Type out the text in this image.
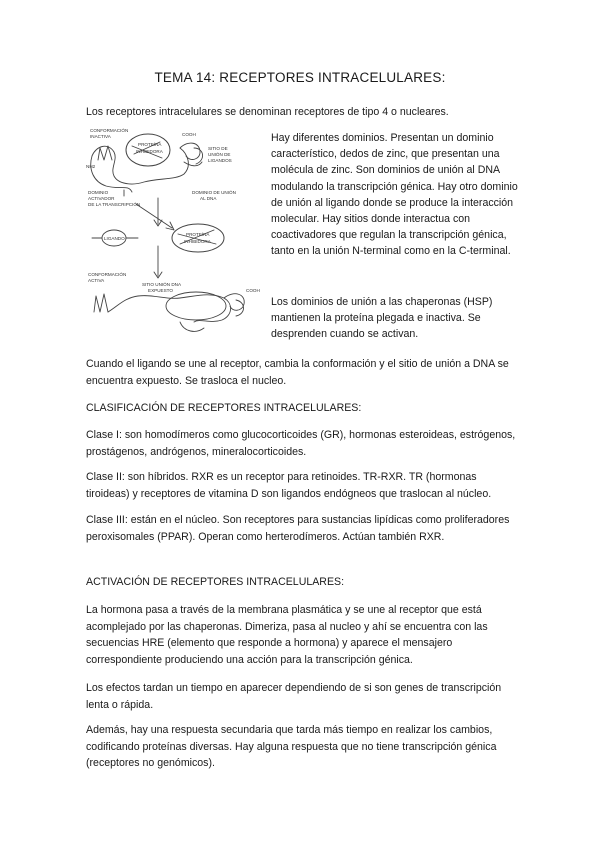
TEMA 14: RECEPTORES INTRACELULARES:
Los receptores intracelulares se denominan receptores de tipo 4 o nucleares.
CONFORMACIÓN
INACTIVA
PROTEÍNA
INHIBIDORA
COOH
SITIO DE
UNIÓN DE
LIGANDOS
DOMINIO
ACTIVADOR
DE LA TRANSCRIPCIÓN
DOMINIO DE UNIÓN
AL DNA
NH2
LIGANDO
PROTEÍNA
INHIBIDORA
CONFORMACIÓN
ACTIVA
SITIO UNIÓN DNA
EXPUESTO	COOH
Hay diferentes dominios. Presentan un dominio característico, dedos de zinc, que presentan una molécula de zinc. Son dominios de unión al DNA modulando la transcripción génica. Hay otro dominio de unión al ligando donde se produce la interacción molecular. Hay sitios donde interactua con coactivadores que regulan la transcripción génica, tanto en la unión N-terminal como en la C-terminal.
Los dominios de unión a las chaperonas (HSP) mantienen la proteína plegada e inactiva. Se desprenden cuando se activan.
Cuando el ligando se une al receptor, cambia la conformación y el sitio de unión a DNA se encuentra expuesto. Se trasloca el nucleo.
CLASIFICACIÓN DE RECEPTORES INTRACELULARES:
Clase I: son homodímeros como glucocorticoides (GR), hormonas esteroideas, estrógenos, prostágenos, andrógenos, mineralocorticoides.
Clase II: son híbridos. RXR es un receptor para retinoides. TR-RXR. TR (hormonas tiroideas) y receptores de vitamina D son ligandos endógneos que traslocan al núcleo.
Clase III: están en el núcleo. Son receptores para sustancias lipídicas como proliferadores peroxisomales (PPAR). Operan como herterodímeros. Actúan también RXR.
ACTIVACIÓN DE RECEPTORES INTRACELULARES:
La hormona pasa a través de la membrana plasmática y se une al receptor que está acomplejado por las chaperonas. Dimeriza, pasa al nucleo y ahí se encuentra con las secuencias HRE (elemento que responde a hormona) y aparece el mensajero correspondiente produciendo una acción para la transcripción génica.
Los efectos tardan un tiempo en aparecer dependiendo de si son genes de transcripción lenta o rápida.
Además, hay una respuesta secundaria que tarda más tiempo en realizar los cambios, codificando proteínas diversas. Hay alguna respuesta que no tiene transcripción génica (receptores no genómicos).
